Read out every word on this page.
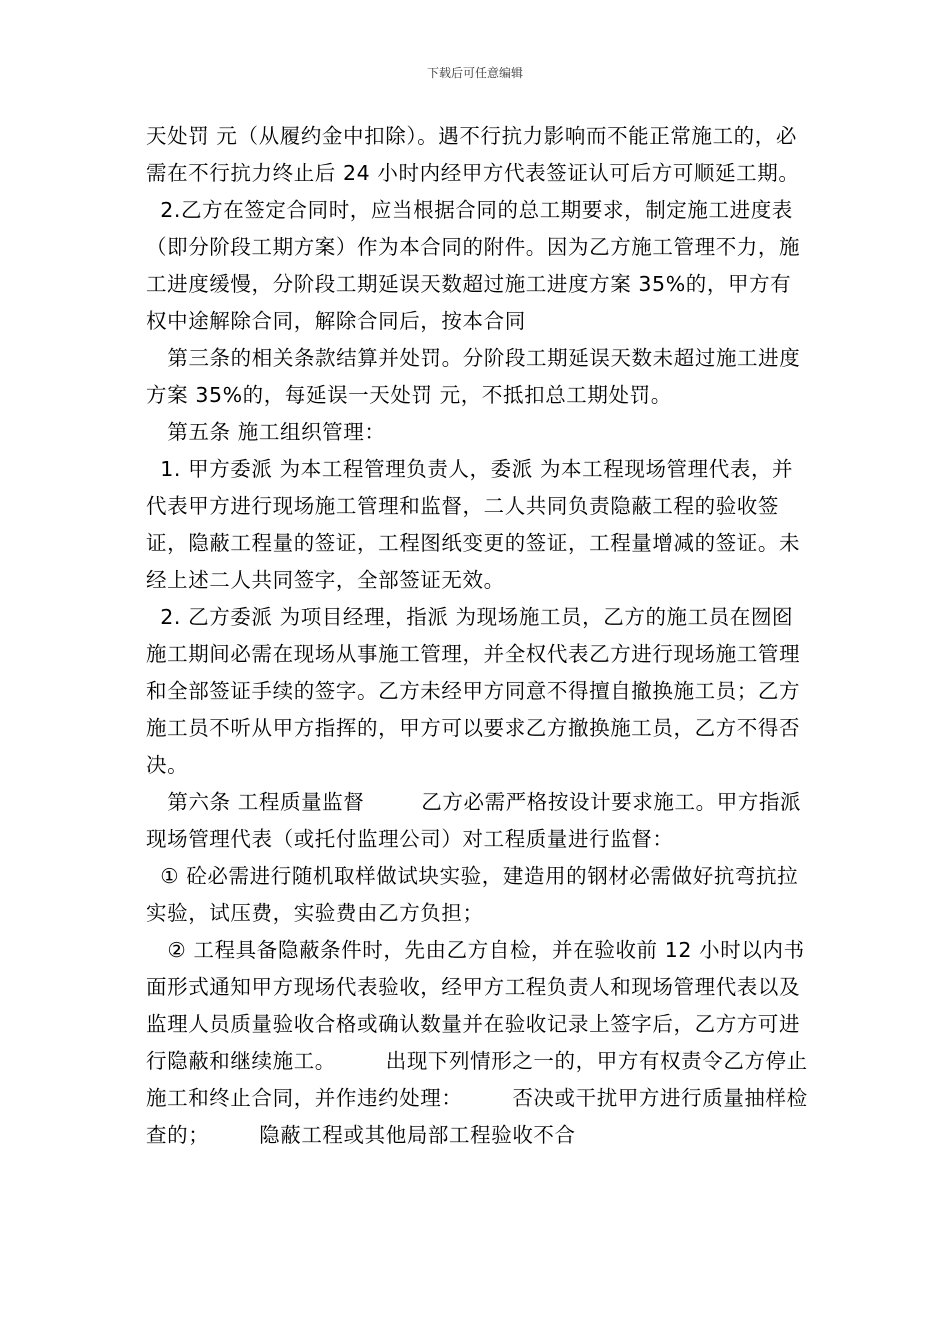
下载后可任意编辑

天处罚 元（从履约金中扣除）。遇不行抗力影响而不能正常施工的，必需在不行抗力终止后 24 小时内经甲方代表签证认可后方可顺延工期。

2.乙方在签定合同时，应当根据合同的总工期要求，制定施工进度表（即分阶段工期方案）作为本合同的附件。因为乙方施工管理不力，施工进度缓慢，分阶段工期延误天数超过施工进度方案 35%的，甲方有权中途解除合同，解除合同后，按本合同

第三条的相关条款结算并处罚。分阶段工期延误天数未超过施工进度方案 35%的，每延误一天处罚 元，不抵扣总工期处罚。

第五条 施工组织管理：

1. 甲方委派 为本工程管理负责人，委派 为本工程现场管理代表，并代表甲方进行现场施工管理和监督，二人共同负责隐蔽工程的验收签证，隐蔽工程量的签证，工程图纸变更的签证，工程量增减的签证。未经上述二人共同签字，全部签证无效。

2. 乙方委派 为项目经理，指派 为现场施工员，乙方的施工员在囫囵施工期间必需在现场从事施工管理，并全权代表乙方进行现场施工管理和全部签证手续的签字。乙方未经甲方同意不得擅自撤换施工员；乙方施工员不听从甲方指挥的，甲方可以要求乙方撤换施工员，乙方不得否决。

第六条 工程质量监督        乙方必需严格按设计要求施工。甲方指派现场管理代表（或托付监理公司）对工程质量进行监督：

① 砼必需进行随机取样做试块实验，建造用的钢材必需做好抗弯抗拉实验，试压费，实验费由乙方负担；

② 工程具备隐蔽条件时，先由乙方自检，并在验收前 12 小时以内书面形式通知甲方现场代表验收，经甲方工程负责人和现场管理代表以及监理人员质量验收合格或确认数量并在验收记录上签字后，乙方方可进行隐蔽和继续施工。       出现下列情形之一的，甲方有权责令乙方停止施工和终止合同，并作违约处理：       否决或干扰甲方进行质量抽样检查的；       隐蔽工程或其他局部工程验收不合
